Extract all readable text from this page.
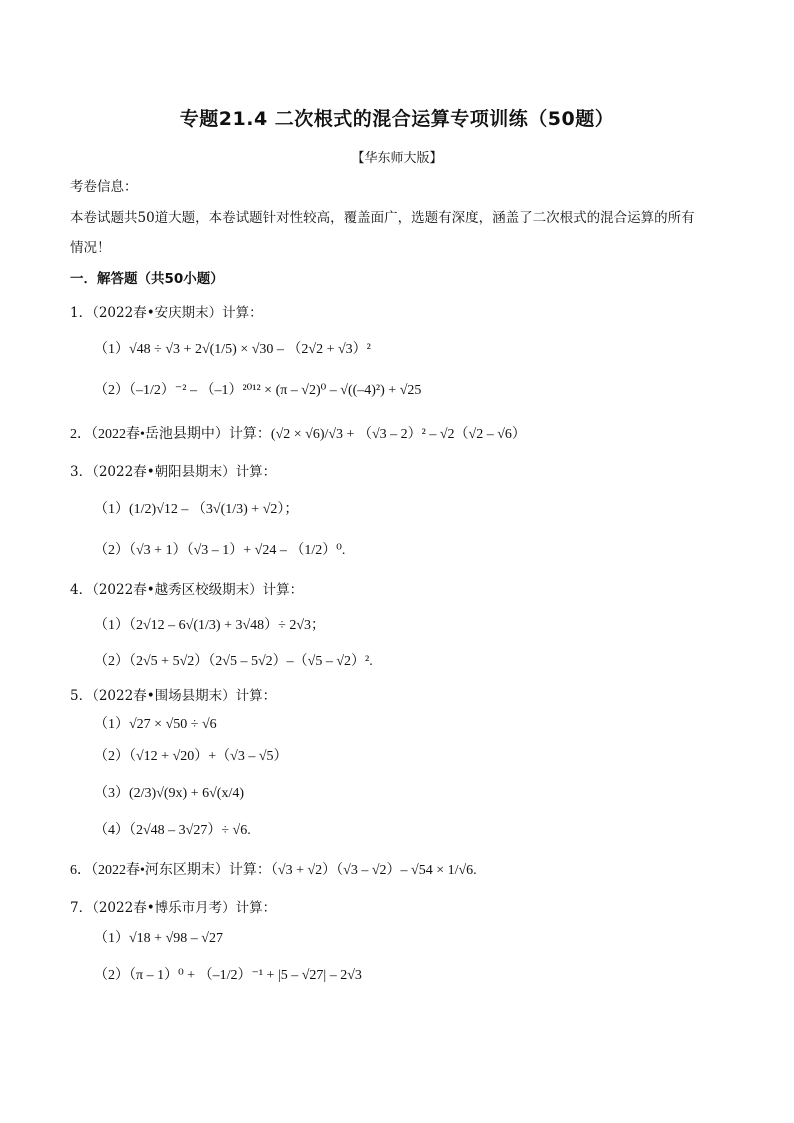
专题21.4 二次根式的混合运算专项训练（50题）
【华东师大版】
考卷信息：
本卷试题共50道大题，本卷试题针对性较高，覆盖面广，选题有深度，涵盖了二次根式的混合运算的所有
情况！
一．解答题（共50小题）
1．（2022春•安庆期末）计算：
（1）√48 ÷ √3 + 2√(1/5) × √30 – （2√2 + √3）²
（2）（–1/2）⁻² – （–1）²⁰¹² × (π – √2)⁰ – √((–4)²) + √25
2．（2022春•岳池县期中）计算：(√2 × √6)/√3 + （√3 – 2）² – √2（√2 – √6）
3．（2022春•朝阳县期末）计算：
（1）(1/2)√12 – （3√(1/3) + √2）；
（2）（√3 + 1）（√3 – 1）+ √24 – （1/2）⁰.
4．（2022春•越秀区校级期末）计算：
（1）（2√12 – 6√(1/3) + 3√48）÷ 2√3；
（2）（2√5 + 5√2）（2√5 – 5√2）–（√5 – √2）².
5．（2022春•围场县期末）计算：
（1）√27 × √50 ÷ √6
（2）（√12 + √20）+（√3 – √5）
（3）(2/3)√(9x) + 6√(x/4)
（4）（2√48 – 3√27）÷ √6.
6．（2022春•河东区期末）计算：（√3 + √2）（√3 – √2）– √54 × 1/√6.
7．（2022春•博乐市月考）计算：
（1）√18 + √98 – √27
（2）（π – 1）⁰ + （–1/2）⁻¹ + |5 – √27| – 2√3
